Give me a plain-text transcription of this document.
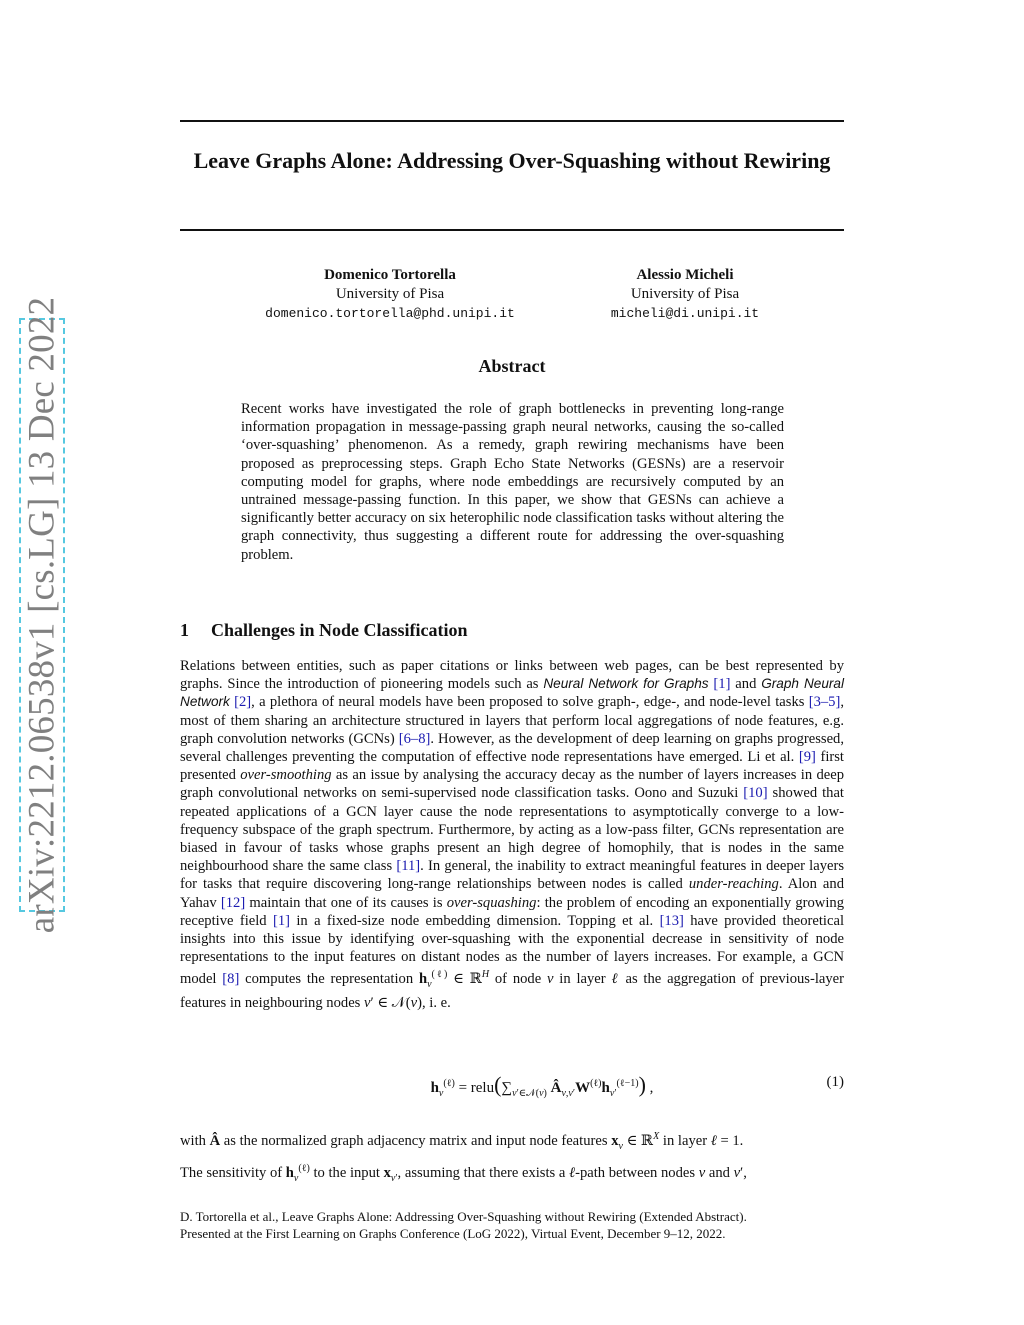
arXiv:2212.06538v1 [cs.LG] 13 Dec 2022
Leave Graphs Alone: Addressing Over-Squashing without Rewiring
Domenico Tortorella
University of Pisa
domenico.tortorella@phd.unipi.it
Alessio Micheli
University of Pisa
micheli@di.unipi.it
Abstract
Recent works have investigated the role of graph bottlenecks in preventing long-range information propagation in message-passing graph neural networks, causing the so-called ‘over-squashing’ phenomenon. As a remedy, graph rewiring mechanisms have been proposed as preprocessing steps. Graph Echo State Networks (GESNs) are a reservoir computing model for graphs, where node embeddings are recursively computed by an untrained message-passing function. In this paper, we show that GESNs can achieve a significantly better accuracy on six heterophilic node classification tasks without altering the graph connectivity, thus suggesting a different route for addressing the over-squashing problem.
1 Challenges in Node Classification
Relations between entities, such as paper citations or links between web pages, can be best represented by graphs. Since the introduction of pioneering models such as Neural Network for Graphs [1] and Graph Neural Network [2], a plethora of neural models have been proposed to solve graph-, edge-, and node-level tasks [3–5], most of them sharing an architecture structured in layers that perform local aggregations of node features, e.g. graph convolution networks (GCNs) [6–8]. However, as the development of deep learning on graphs progressed, several challenges preventing the computation of effective node representations have emerged. Li et al. [9] first presented over-smoothing as an issue by analysing the accuracy decay as the number of layers increases in deep graph convolutional networks on semi-supervised node classification tasks. Oono and Suzuki [10] showed that repeated applications of a GCN layer cause the node representations to asymptotically converge to a low-frequency subspace of the graph spectrum. Furthermore, by acting as a low-pass filter, GCNs representation are biased in favour of tasks whose graphs present an high degree of homophily, that is nodes in the same neighbourhood share the same class [11]. In general, the inability to extract meaningful features in deeper layers for tasks that require discovering long-range relationships between nodes is called under-reaching. Alon and Yahav [12] maintain that one of its causes is over-squashing: the problem of encoding an exponentially growing receptive field [1] in a fixed-size node embedding dimension. Topping et al. [13] have provided theoretical insights into this issue by identifying over-squashing with the exponential decrease in sensitivity of node representations to the input features on distant nodes as the number of layers increases. For example, a GCN model [8] computes the representation $h_v^{(\ell)}$ ∈ ℝ$^H$ of node v in layer ℓ as the aggregation of previous-layer features in neighbouring nodes v′ ∈ 𝒩(v), i. e.
$h_v^{(\ell)}$ = $relu(\sum_{v'\in 𝒩(v)}$ $Â_{v,v'}W^{(\ell)}h_{v'}^{(\ell-1)}$) ,	(1)
with Â as the normalized graph adjacency matrix and input node features $x_v$ ∈ ℝ$^X$ in layer ℓ = 1.
The sensitivity of $h_v^{(\ell)}$ to the input $x_{v'}$, assuming that there exists a ℓ-path between nodes v and v′,
D. Tortorella et al., Leave Graphs Alone: Addressing Over-Squashing without Rewiring (Extended Abstract).
Presented at the First Learning on Graphs Conference (LoG 2022), Virtual Event, December 9–12, 2022.
